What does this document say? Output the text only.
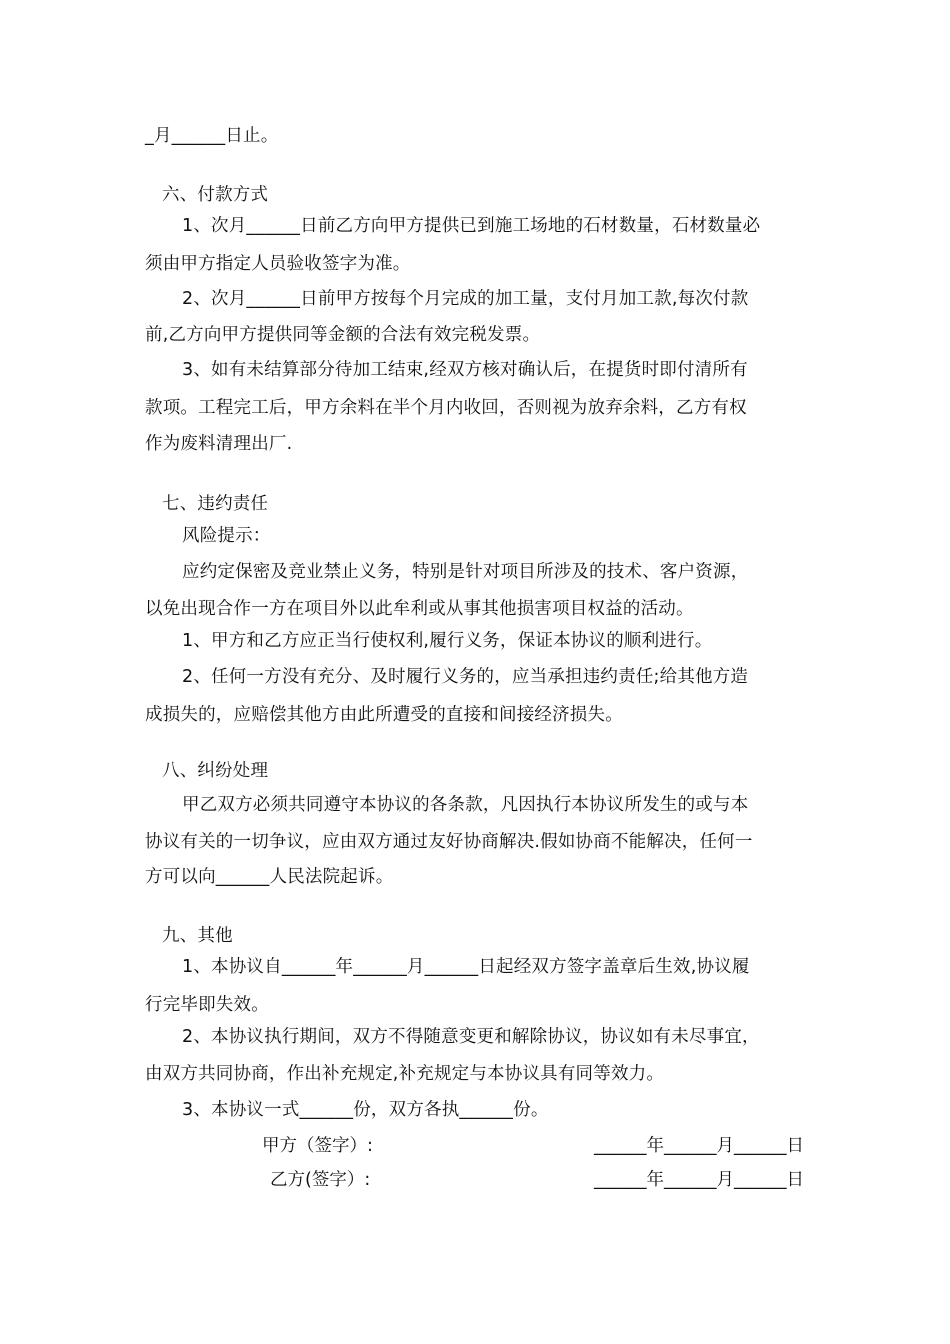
_月______日止。
六、付款方式
1、次月______日前乙方向甲方提供已到施工场地的石材数量，石材数量必
须由甲方指定人员验收签字为准。
2、次月______日前甲方按每个月完成的加工量，支付月加工款,每次付款
前,乙方向甲方提供同等金额的合法有效完税发票。
3、如有未结算部分待加工结束,经双方核对确认后，在提货时即付清所有
款项。工程完工后，甲方余料在半个月内收回，否则视为放弃余料，乙方有权
作为废料清理出厂.
七、违约责任
风险提示：
应约定保密及竞业禁止义务，特别是针对项目所涉及的技术、客户资源，
以免出现合作一方在项目外以此牟利或从事其他损害项目权益的活动。
1、甲方和乙方应正当行使权利,履行义务，保证本协议的顺利进行。
2、任何一方没有充分、及时履行义务的，应当承担违约责任;给其他方造
成损失的，应赔偿其他方由此所遭受的直接和间接经济损失。
八、纠纷处理
甲乙双方必须共同遵守本协议的各条款，凡因执行本协议所发生的或与本
协议有关的一切争议，应由双方通过友好协商解决.假如协商不能解决，任何一
方可以向______人民法院起诉。
九、其他
1、本协议自______年______月______日起经双方签字盖章后生效,协议履
行完毕即失效。
2、本协议执行期间，双方不得随意变更和解除协议，协议如有未尽事宜，
由双方共同协商，作出补充规定,补充规定与本协议具有同等效力。
3、本协议一式______份，双方各执______份。
甲方（签字）:	______年______月______日
乙方(签字）:	______年______月______日
